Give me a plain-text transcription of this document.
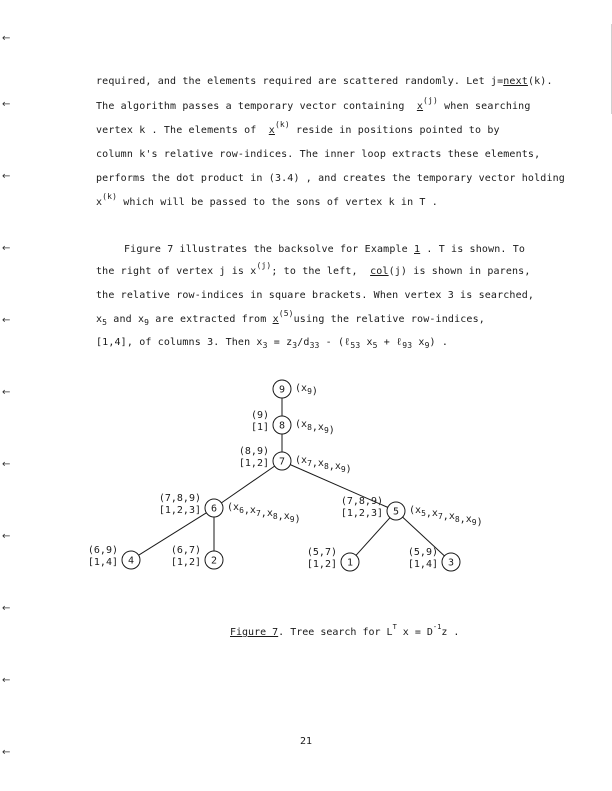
←
←
←
←
←
←
←
←
←
←
←
required, and the elements required are scattered randomly. Let j=next(k).
The algorithm passes a temporary vector containing $x^{(j)}$ when searching
vertex k . The elements of $x^{(k)}$ reside in positions pointed to by
column k's relative row-indices. The inner loop extracts these elements,
performs the dot product in (3.4) , and creates the temporary vector holding
$x^{(k)}$ which will be passed to the sons of vertex k in T .
Figure 7 illustrates the backsolve for Example 1 . T is shown. To
the right of vertex j is $x^{(j)}$; to the left, col(j) is shown in parens,
the relative row-indices in square brackets. When vertex 3 is searched,
$x_5$ and $x_9$ are extracted from $x^{(5)}using$ the relative row-indices,
[1,4], of columns 3. Then $x_3 = z_3/d_{33}$ - (ℓ$_{53}$ $x_5$ + ℓ$_{93}$ $x_9$) .
9 $(x_9)$
8 $(x_8,x_9)$
(9)
[1]
7 $(x_7,x_8,x_9)$
(8,9)
[1,2]
6 $(x_6,x_7,x_8,x_9)$
(7,8,9)
[1,2,3]	5 $(x_5,x_7,x_8,x_9)$
(7,8,9)
[1,2,3]
4
(6,9)
[1,4]	2
(6,7)
[1,2]	1
(5,7)
[1,2]	3
(5,9)
[1,4]
Figure 7. Tree search for $L^T$ $x = D^{-1}z$ .
21
